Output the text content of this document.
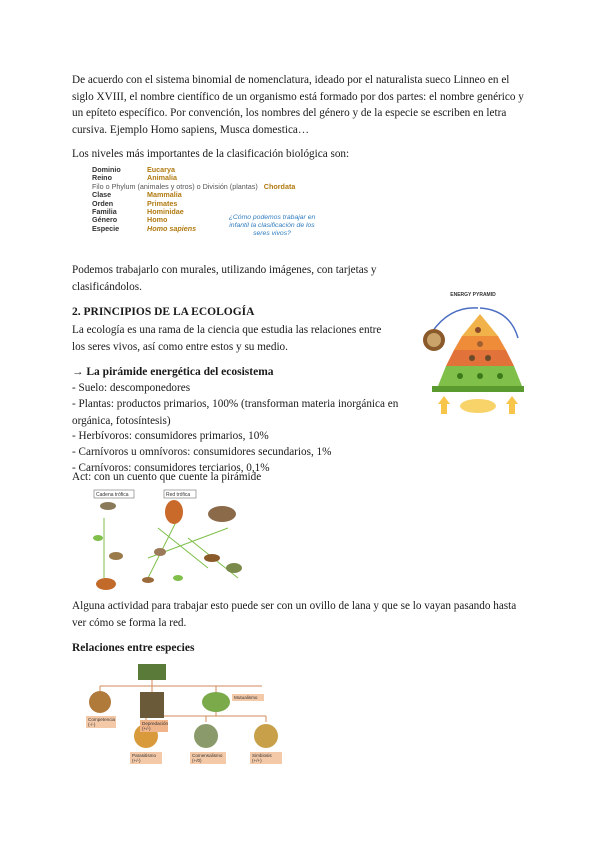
De acuerdo con el sistema binomial de nomenclatura, ideado por el naturalista sueco Linneo en el siglo XVIII, el nombre científico de un organismo está formado por dos partes: el nombre genérico y un epíteto específico. Por convención, los nombres del género y de la especie se escriben en letra cursiva. Ejemplo Homo sapiens, Musca domestica…

Los niveles más importantes de la clasificación biológica son:

Dominio	Eucarya
Reino	Animalia
Filo o Phylum (animales y otros) o División (plantas) Chordata	
Clase	Mammalia
Orden	Primates
Familia	Hominidae
Género	Homo
Especie	Homo sapiens
¿Cómo podemos trabajar en infantil la clasificación de los seres vivos?

Podemos trabajarlo con murales, utilizando imágenes, con tarjetas y clasificándolos.

2. PRINCIPIOS DE LA ECOLOGÍA

La ecología es una rama de la ciencia que estudia las relaciones entre los seres vivos, así como entre estos y su medio.

→ La pirámide energética del ecosistema

- Suelo: descomponedores

- Plantas: productos primarios, 100% (transforman materia inorgánica en orgánica, fotosíntesis)

- Herbívoros: consumidores primarios, 10%

- Carnívoros u omnívoros: consumidores secundarios, 1%

- Carnívoros: consumidores terciarios, 0,1%

Act: con un cuento que cuente la pirámide

ENERGY PYRAMID
Cadena trófica	Red trófica

Alguna actividad para trabajar esto puede ser con un ovillo de lana y que se lo vayan pasando hasta ver cómo se forma la red.

Relaciones entre especies

Competencia (-/-)	Depredación (+/-)
Mutualismo
Parasitismo (+/-)
Comensalismo (+/0)
Simbiosis (+/+)
